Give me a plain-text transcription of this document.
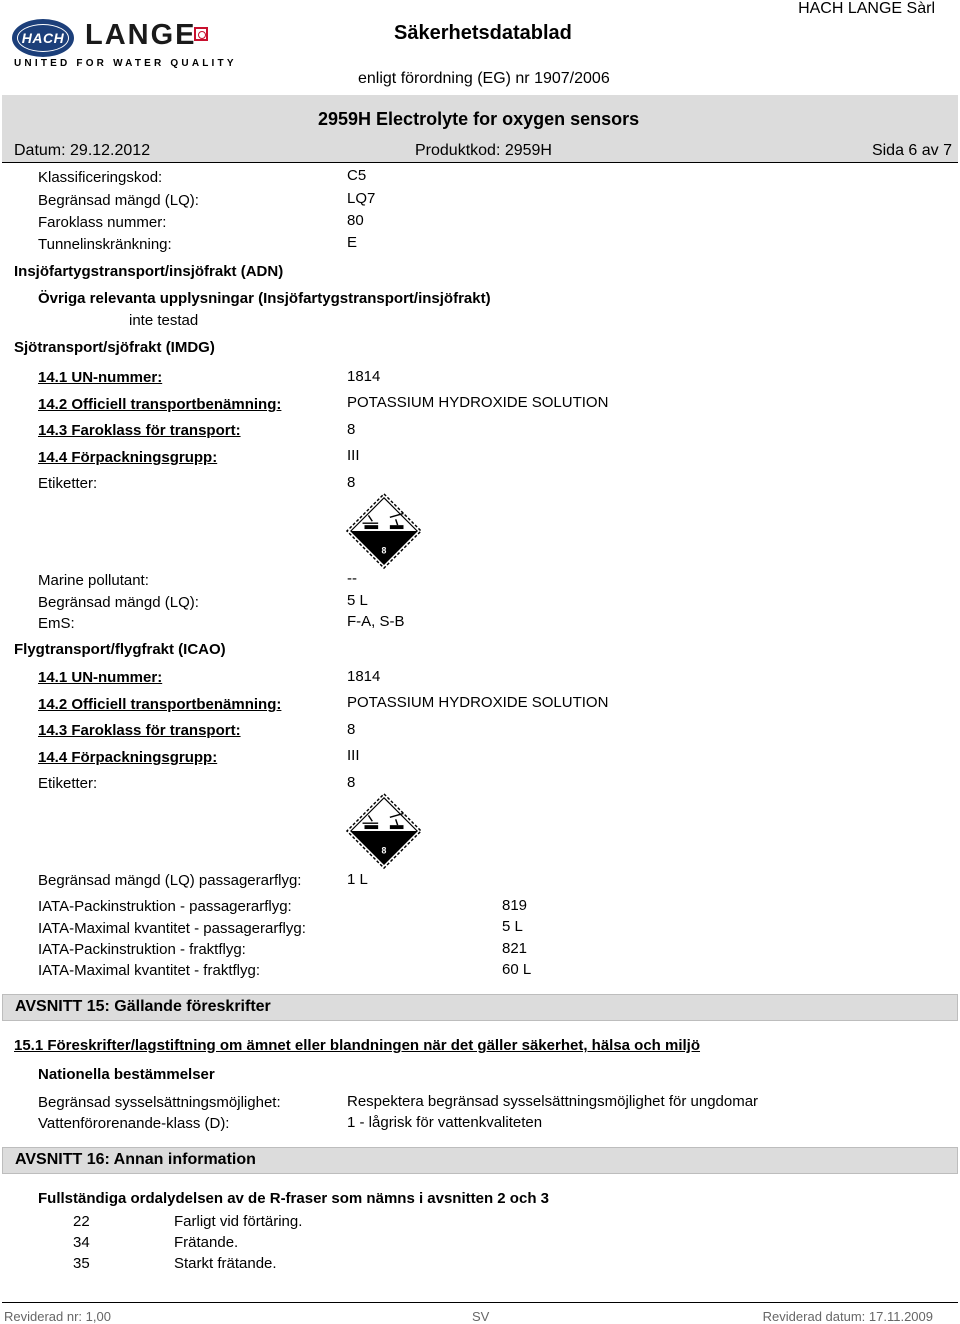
HACH LANGE
UNITED FOR WATER QUALITY
Säkerhetsdatablad
HACH LANGE Sàrl
enligt förordning (EG) nr 1907/2006
2959H Electrolyte for oxygen sensors
Datum: 29.12.2012	Produktkod: 2959H	Sida 6 av 7
Klassificeringskod:	C5
Begränsad mängd (LQ):	LQ7
Faroklass nummer:	80
Tunnelinskränkning:	E
Insjöfartygstransport/insjöfrakt (ADN)
Övriga relevanta upplysningar (Insjöfartygstransport/insjöfrakt)
inte testad
Sjötransport/sjöfrakt (IMDG)
14.1 UN-nummer:	1814
14.2 Officiell transportbenämning:	POTASSIUM HYDROXIDE SOLUTION
14.3 Faroklass för transport:	8
14.4 Förpackningsgrupp:	III
Etiketter:	8
8
Marine pollutant:	--
Begränsad mängd (LQ):	5 L
EmS:	F-A, S-B
Flygtransport/flygfrakt (ICAO)
14.1 UN-nummer:	1814
14.2 Officiell transportbenämning:	POTASSIUM HYDROXIDE SOLUTION
14.3 Faroklass för transport:	8
14.4 Förpackningsgrupp:	III
Etiketter:	8
8
Begränsad mängd (LQ) passagerarflyg:	1 L
IATA-Packinstruktion - passagerarflyg:	819
IATA-Maximal kvantitet - passagerarflyg:	5 L
IATA-Packinstruktion - fraktflyg:	821
IATA-Maximal kvantitet - fraktflyg:	60 L
AVSNITT 15: Gällande föreskrifter
15.1 Föreskrifter/lagstiftning om ämnet eller blandningen när det gäller säkerhet, hälsa och miljö
Nationella bestämmelser
Begränsad sysselsättningsmöjlighet:	Respektera begränsad sysselsättningsmöjlighet för ungdomar
Vattenförorenande-klass (D):	1 - lågrisk för vattenkvaliteten
AVSNITT 16: Annan information
Fullständiga ordalydelsen av de R-fraser som nämns i avsnitten 2 och 3
22	Farligt vid förtäring.
34	Frätande.
35	Starkt frätande.
Reviderad nr: 1,00	SV	Reviderad datum: 17.11.2009
